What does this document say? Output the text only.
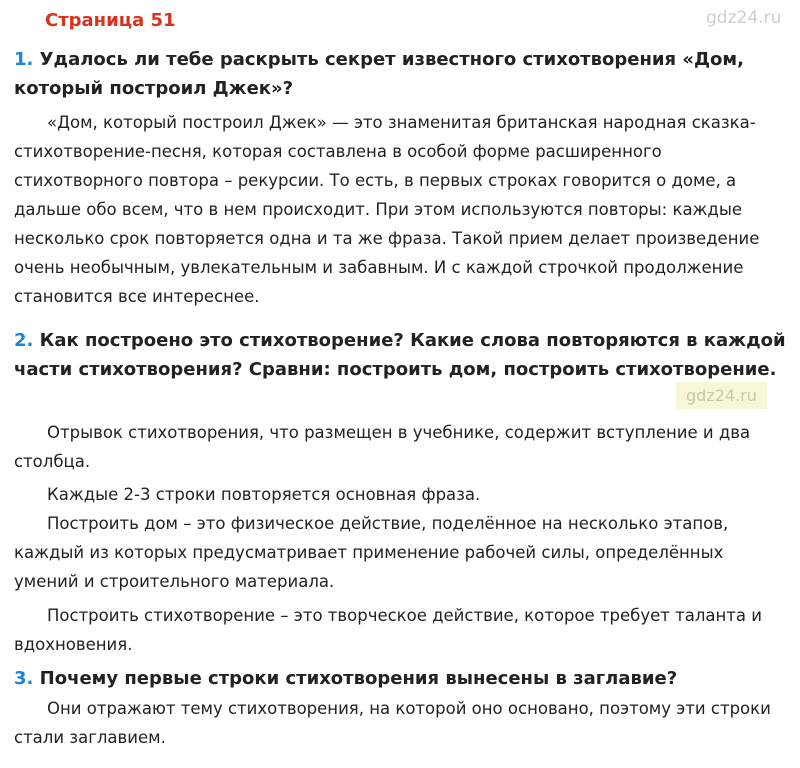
gdz24.ru
Страница 51
1. Удалось ли тебе раскрыть секрет известного стихотворения «Дом, который построил Джек»?
«Дом, который построил Джек» — это знаменитая британская народная сказка-стихотворение-песня, которая составлена в особой форме расширенного стихотворного повтора – рекурсии. То есть, в первых строках говорится о доме, а дальше обо всем, что в нем происходит. При этом используются повторы: каждые несколько срок повторяется одна и та же фраза. Такой прием делает произведение очень необычным, увлекательным и забавным. И с каждой строчкой продолжение становится все интереснее.
2. Как построено это стихотворение? Какие слова повторяются в каждой части стихотворения? Сравни: построить дом, построить стихотворение.
Отрывок стихотворения, что размещен в учебнике, содержит вступление и два столбца.
Каждые 2-3 строки повторяется основная фраза.
Построить дом – это физическое действие, поделённое на несколько этапов, каждый из которых предусматривает применение рабочей силы, определённых умений и строительного материала.
Построить стихотворение – это творческое действие, которое требует таланта и вдохновения.
3. Почему первые строки стихотворения вынесены в заглавие?
Они отражают тему стихотворения, на которой оно основано, поэтому эти строки стали заглавием.
gdz24.ru
